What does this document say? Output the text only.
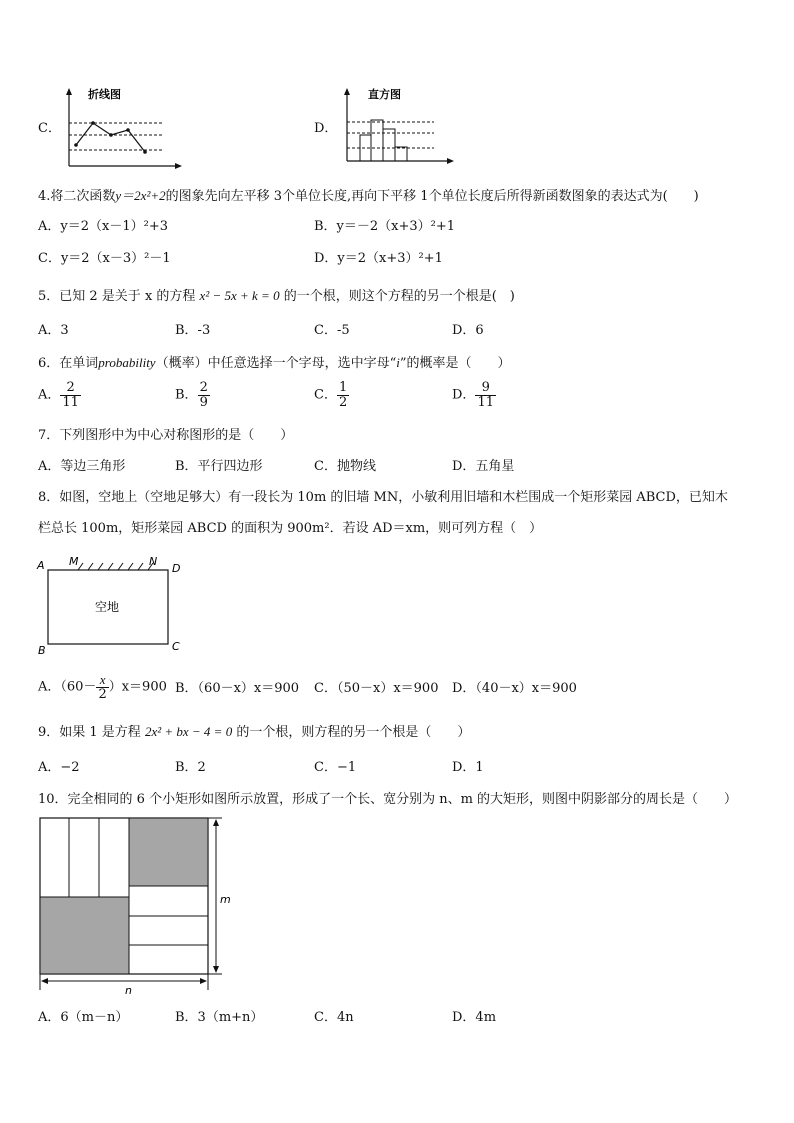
C．
折线图
D．
直方图
4.将二次函数y＝2x²+2的图象先向左平移 3个单位长度,再向下平移 1个单位长度后所得新函数图象的表达式为(　　)
A．y＝2（x－1）²+3	B．y＝－2（x+3）²+1
C．y＝2（x－3）²－1	D．y＝2（x+3）²+1
5．已知 2 是关于 x 的方程 x² − 5x + k = 0 的一个根，则这个方程的另一个根是(　)
A．3	B．-3	C．-5	D．6
6．在单词probability（概率）中任意选择一个字母，选中字母“i”的概率是（　　）
A． $\frac{2}{11}$	B． $\frac{2}{9}$	C． $\frac{1}{2}$	D． $\frac{9}{11}$
7．下列图形中为中心对称图形的是（　　）
A．等边三角形	B．平行四边形	C．抛物线	D．五角星
8．如图，空地上（空地足够大）有一段长为 10m 的旧墙 MN，小敏利用旧墙和木栏围成一个矩形菜园 ABCD，已知木
栏总长 100m，矩形菜园 ABCD 的面积为 900m²．若设 AD＝xm，则可列方程（　）
A M	N
D
B	C
空地
A．$(60- \frac{x}{2} )x=900$ B．（60－x）x＝900 C．（50－x）x＝900 D．（40－x）x＝900
9．如果 1 是方程 2x² + bx − 4 = 0 的一个根，则方程的另一个根是（　　）
A．−2	B．2	C．−1	D．1
10．完全相同的 6 个小矩形如图所示放置，形成了一个长、宽分别为 n、m 的大矩形，则图中阴影部分的周长是（　　）
m
n
A．6（m－n）	B．3（m+n）	C．4n	D．4m
